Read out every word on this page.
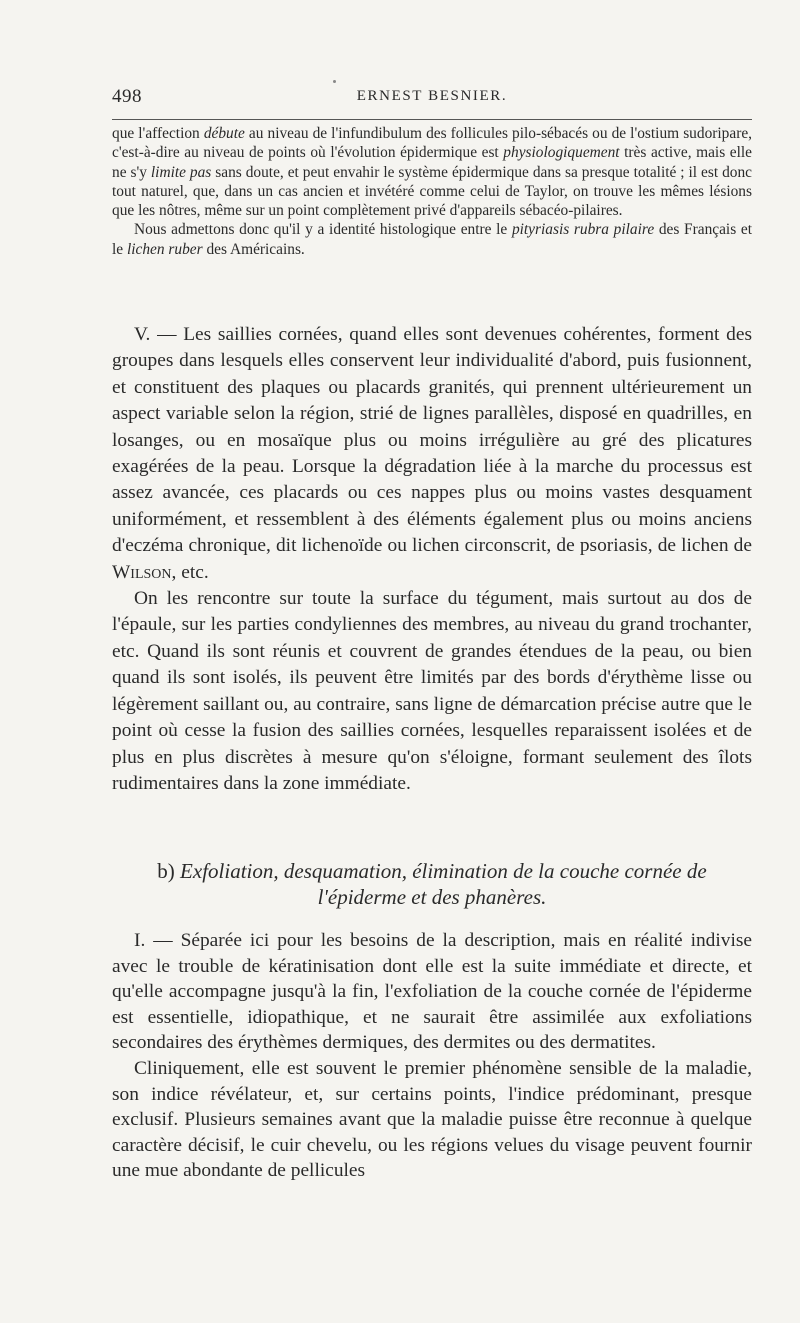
498	ERNEST BESNIER.

que l'affection débute au niveau de l'infundibulum des follicules pilo-sébacés ou de l'ostium sudoripare, c'est-à-dire au niveau de points où l'évolution épidermique est physiologiquement très active, mais elle ne s'y limite pas sans doute, et peut envahir le système épidermique dans sa presque totalité ; il est donc tout naturel, que, dans un cas ancien et invétéré comme celui de Taylor, on trouve les mêmes lésions que les nôtres, même sur un point complètement privé d'appareils sébacéo-pilaires.

Nous admettons donc qu'il y a identité histologique entre le pityriasis rubra pilaire des Français et le lichen ruber des Américains.

V. — Les saillies cornées, quand elles sont devenues cohérentes, forment des groupes dans lesquels elles conservent leur individualité d'abord, puis fusionnent, et constituent des plaques ou placards granités, qui prennent ultérieurement un aspect variable selon la région, strié de lignes parallèles, disposé en quadrilles, en losanges, ou en mosaïque plus ou moins irrégulière au gré des plicatures exagérées de la peau. Lorsque la dégradation liée à la marche du processus est assez avancée, ces placards ou ces nappes plus ou moins vastes desquament uniformément, et ressemblent à des éléments également plus ou moins anciens d'eczéma chronique, dit lichenoïde ou lichen circonscrit, de psoriasis, de lichen de Wilson, etc.

On les rencontre sur toute la surface du tégument, mais surtout au dos de l'épaule, sur les parties condyliennes des membres, au niveau du grand trochanter, etc. Quand ils sont réunis et couvrent de grandes étendues de la peau, ou bien quand ils sont isolés, ils peuvent être limités par des bords d'érythème lisse ou légèrement saillant ou, au contraire, sans ligne de démarcation précise autre que le point où cesse la fusion des saillies cornées, lesquelles reparaissent isolées et de plus en plus discrètes à mesure qu'on s'éloigne, formant seulement des îlots rudimentaires dans la zone immédiate.

b) Exfoliation, desquamation, élimination de la couche cornée de
l'épiderme et des phanères.

I. — Séparée ici pour les besoins de la description, mais en réalité indivise avec le trouble de kératinisation dont elle est la suite immédiate et directe, et qu'elle accompagne jusqu'à la fin, l'exfoliation de la couche cornée de l'épiderme est essentielle, idiopathique, et ne saurait être assimilée aux exfoliations secondaires des érythèmes dermiques, des dermites ou des dermatites.

Cliniquement, elle est souvent le premier phénomène sensible de la maladie, son indice révélateur, et, sur certains points, l'indice prédominant, presque exclusif. Plusieurs semaines avant que la maladie puisse être reconnue à quelque caractère décisif, le cuir chevelu, ou les régions velues du visage peuvent fournir une mue abondante de pellicules
